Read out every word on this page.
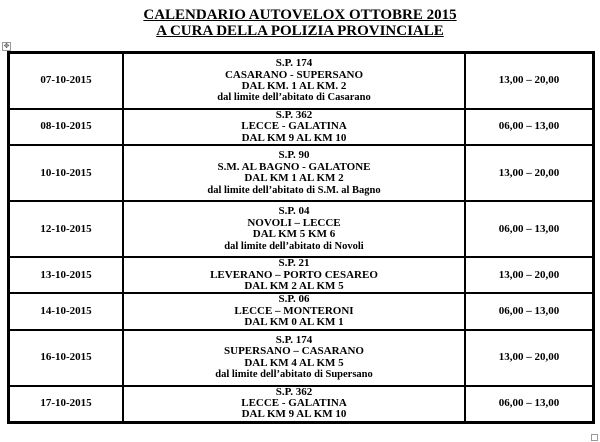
CALENDARIO AUTOVELOX OTTOBRE 2015
A CURA DELLA POLIZIA PROVINCIALE
✥
07-10-2015	S.P. 174
CASARANO - SUPERSANO
DAL KM. 1 AL KM. 2
dal limite dell’abitato di Casarano	13,00 – 20,00
08-10-2015	S.P. 362
LECCE - GALATINA
DAL KM 9 AL KM 10	06,00 – 13,00
10-10-2015	S.P. 90
S.M. AL BAGNO - GALATONE
DAL KM 1 AL KM 2
dal limite dell’abitato di S.M. al Bagno	13,00 – 20,00
12-10-2015	S.P. 04
NOVOLI – LECCE
DAL KM 5 KM 6
dal limite dell’abitato di Novoli	06,00 – 13,00
13-10-2015	S.P. 21
LEVERANO – PORTO CESAREO
DAL KM 2 AL KM 5	13,00 – 20,00
14-10-2015	S.P. 06
LECCE – MONTERONI
DAL KM 0 AL KM 1	06,00 – 13,00
16-10-2015	S.P. 174
SUPERSANO – CASARANO
DAL KM 4 AL KM 5
dal limite dell’abitato di Supersano	13,00 – 20,00
17-10-2015	S.P. 362
LECCE - GALATINA
DAL KM 9 AL KM 10	06,00 – 13,00
